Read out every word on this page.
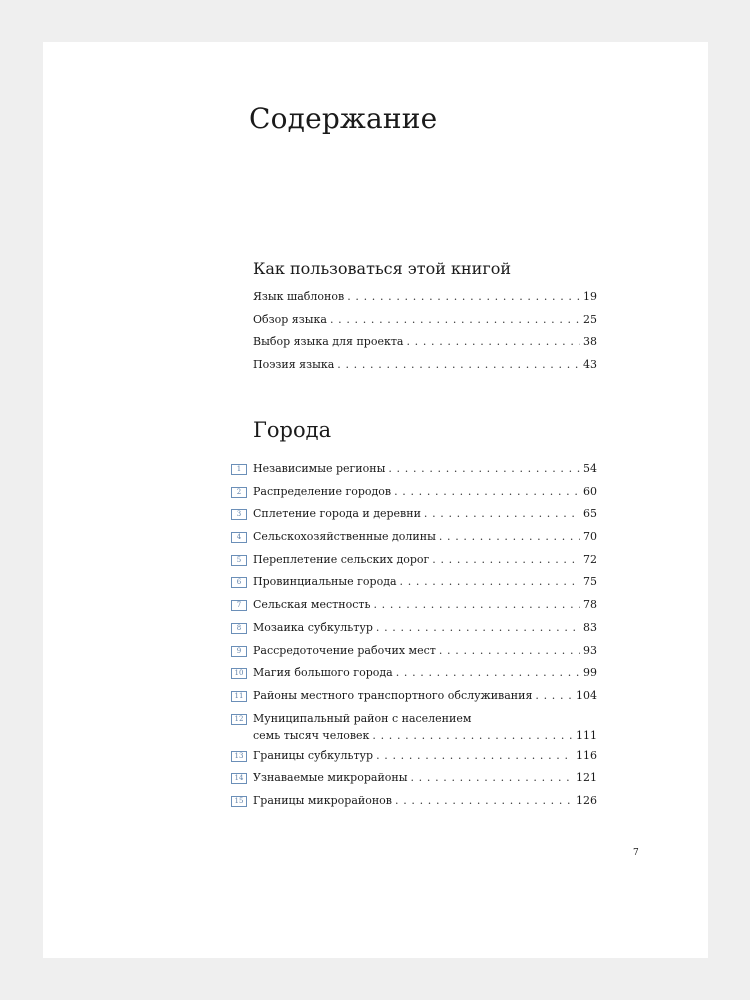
Содержание
Как пользоваться этой книгой
Язык шаблонов . . .	19
Обзор языка . . .	25
Выбор языка для проекта . . .	38
Поэзия языка . . .	43
Города
1	Независимые регионы . . .	54
2	Распределение городов . . .	60
3	Сплетение города и деревни . . .	65
4	Сельскохозяйственные долины . . .	70
5	Переплетение сельских дорог . . .	72
6	Провинциальные города . . .	75
7	Сельская местность . . .	78
8	Мозаика субкультур . . .	83
9	Рассредоточение рабочих мест . . .	93
10 Магия большого города . . .	99
11 Районы местного транспортного обслуживания . . .	104
12 Муниципальный район с населением
семь тысяч человек . . .	111
13 Границы субкультур . . .	116
14 Узнаваемые микрорайоны . . .	121
15 Границы микрорайонов . . .	126
7
